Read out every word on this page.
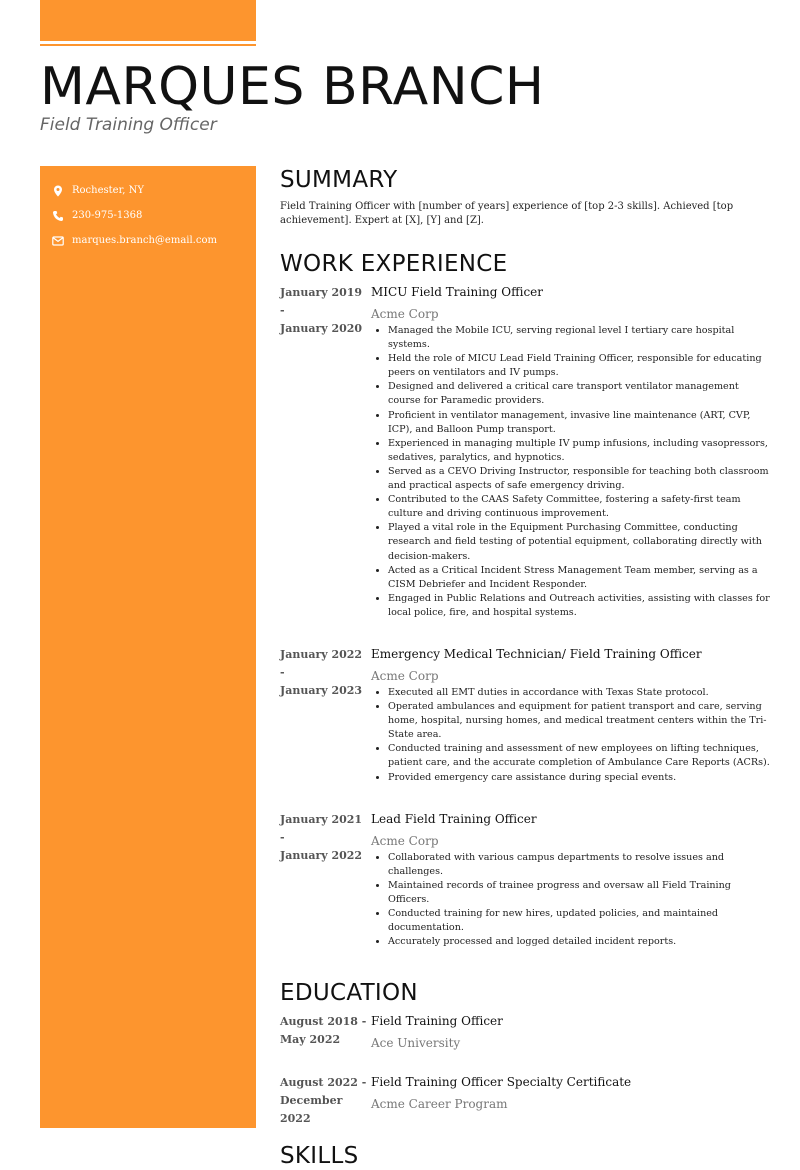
MARQUES BRANCH
Field Training Officer
Rochester, NY
230-975-1368
marques.branch@email.com
SUMMARY
Field Training Officer with [number of years] experience of [top 2-3 skills]. Achieved [top achievement]. Expert at [X], [Y] and [Z].
WORK EXPERIENCE
January 2019
-
January 2020
MICU Field Training Officer
Acme Corp
• Managed the Mobile ICU, serving regional level I tertiary care hospital systems.
• Held the role of MICU Lead Field Training Officer, responsible for educating peers on ventilators and IV pumps.
• Designed and delivered a critical care transport ventilator management course for Paramedic providers.
• Proficient in ventilator management, invasive line maintenance (ART, CVP, ICP), and Balloon Pump transport.
• Experienced in managing multiple IV pump infusions, including vasopressors, sedatives, paralytics, and hypnotics.
• Served as a CEVO Driving Instructor, responsible for teaching both classroom and practical aspects of safe emergency driving.
• Contributed to the CAAS Safety Committee, fostering a safety-first team culture and driving continuous improvement.
• Played a vital role in the Equipment Purchasing Committee, conducting research and field testing of potential equipment, collaborating directly with decision-makers.
• Acted as a Critical Incident Stress Management Team member, serving as a CISM Debriefer and Incident Responder.
• Engaged in Public Relations and Outreach activities, assisting with classes for local police, fire, and hospital systems.
January 2022
-
January 2023
Emergency Medical Technician/ Field Training Officer
Acme Corp
• Executed all EMT duties in accordance with Texas State protocol.
• Operated ambulances and equipment for patient transport and care, serving home, hospital, nursing homes, and medical treatment centers within the Tri-State area.
• Conducted training and assessment of new employees on lifting techniques, patient care, and the accurate completion of Ambulance Care Reports (ACRs).
• Provided emergency care assistance during special events.
January 2021
-
January 2022
Lead Field Training Officer
Acme Corp
• Collaborated with various campus departments to resolve issues and challenges.
• Maintained records of trainee progress and oversaw all Field Training Officers.
• Conducted training for new hires, updated policies, and maintained documentation.
• Accurately processed and logged detailed incident reports.
EDUCATION
August 2018 -
May 2022
Field Training Officer
Ace University
August 2022 -
December 2022
Field Training Officer Specialty Certificate
Acme Career Program
SKILLS
